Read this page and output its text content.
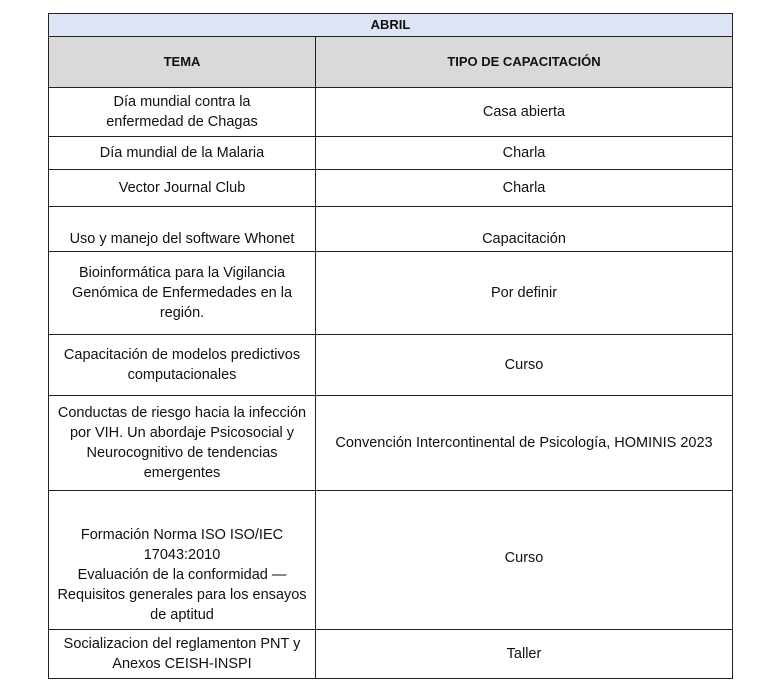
ABRIL	
TEMA	TIPO DE CAPACITACIÓN
Día mundial contra la
enfermedad de Chagas	Casa abierta
Día mundial de la Malaria	Charla
Vector Journal Club	Charla
Uso y manejo del software Whonet	Capacitación
Bioinformática para la Vigilancia
Genómica de Enfermedades en la
región.	Por definir
Capacitación de modelos predictivos
computacionales	Curso
Conductas de riesgo hacia la infección
por VIH. Un abordaje Psicosocial y
Neurocognitivo de tendencias
emergentes	Convención Intercontinental de Psicología, HOMINIS 2023
Formación Norma ISO ISO/IEC
17043:2010
Evaluación de la conformidad —
Requisitos generales para los ensayos
de aptitud	Curso
Socializacion del reglamenton PNT y
Anexos CEISH-INSPI	Taller
